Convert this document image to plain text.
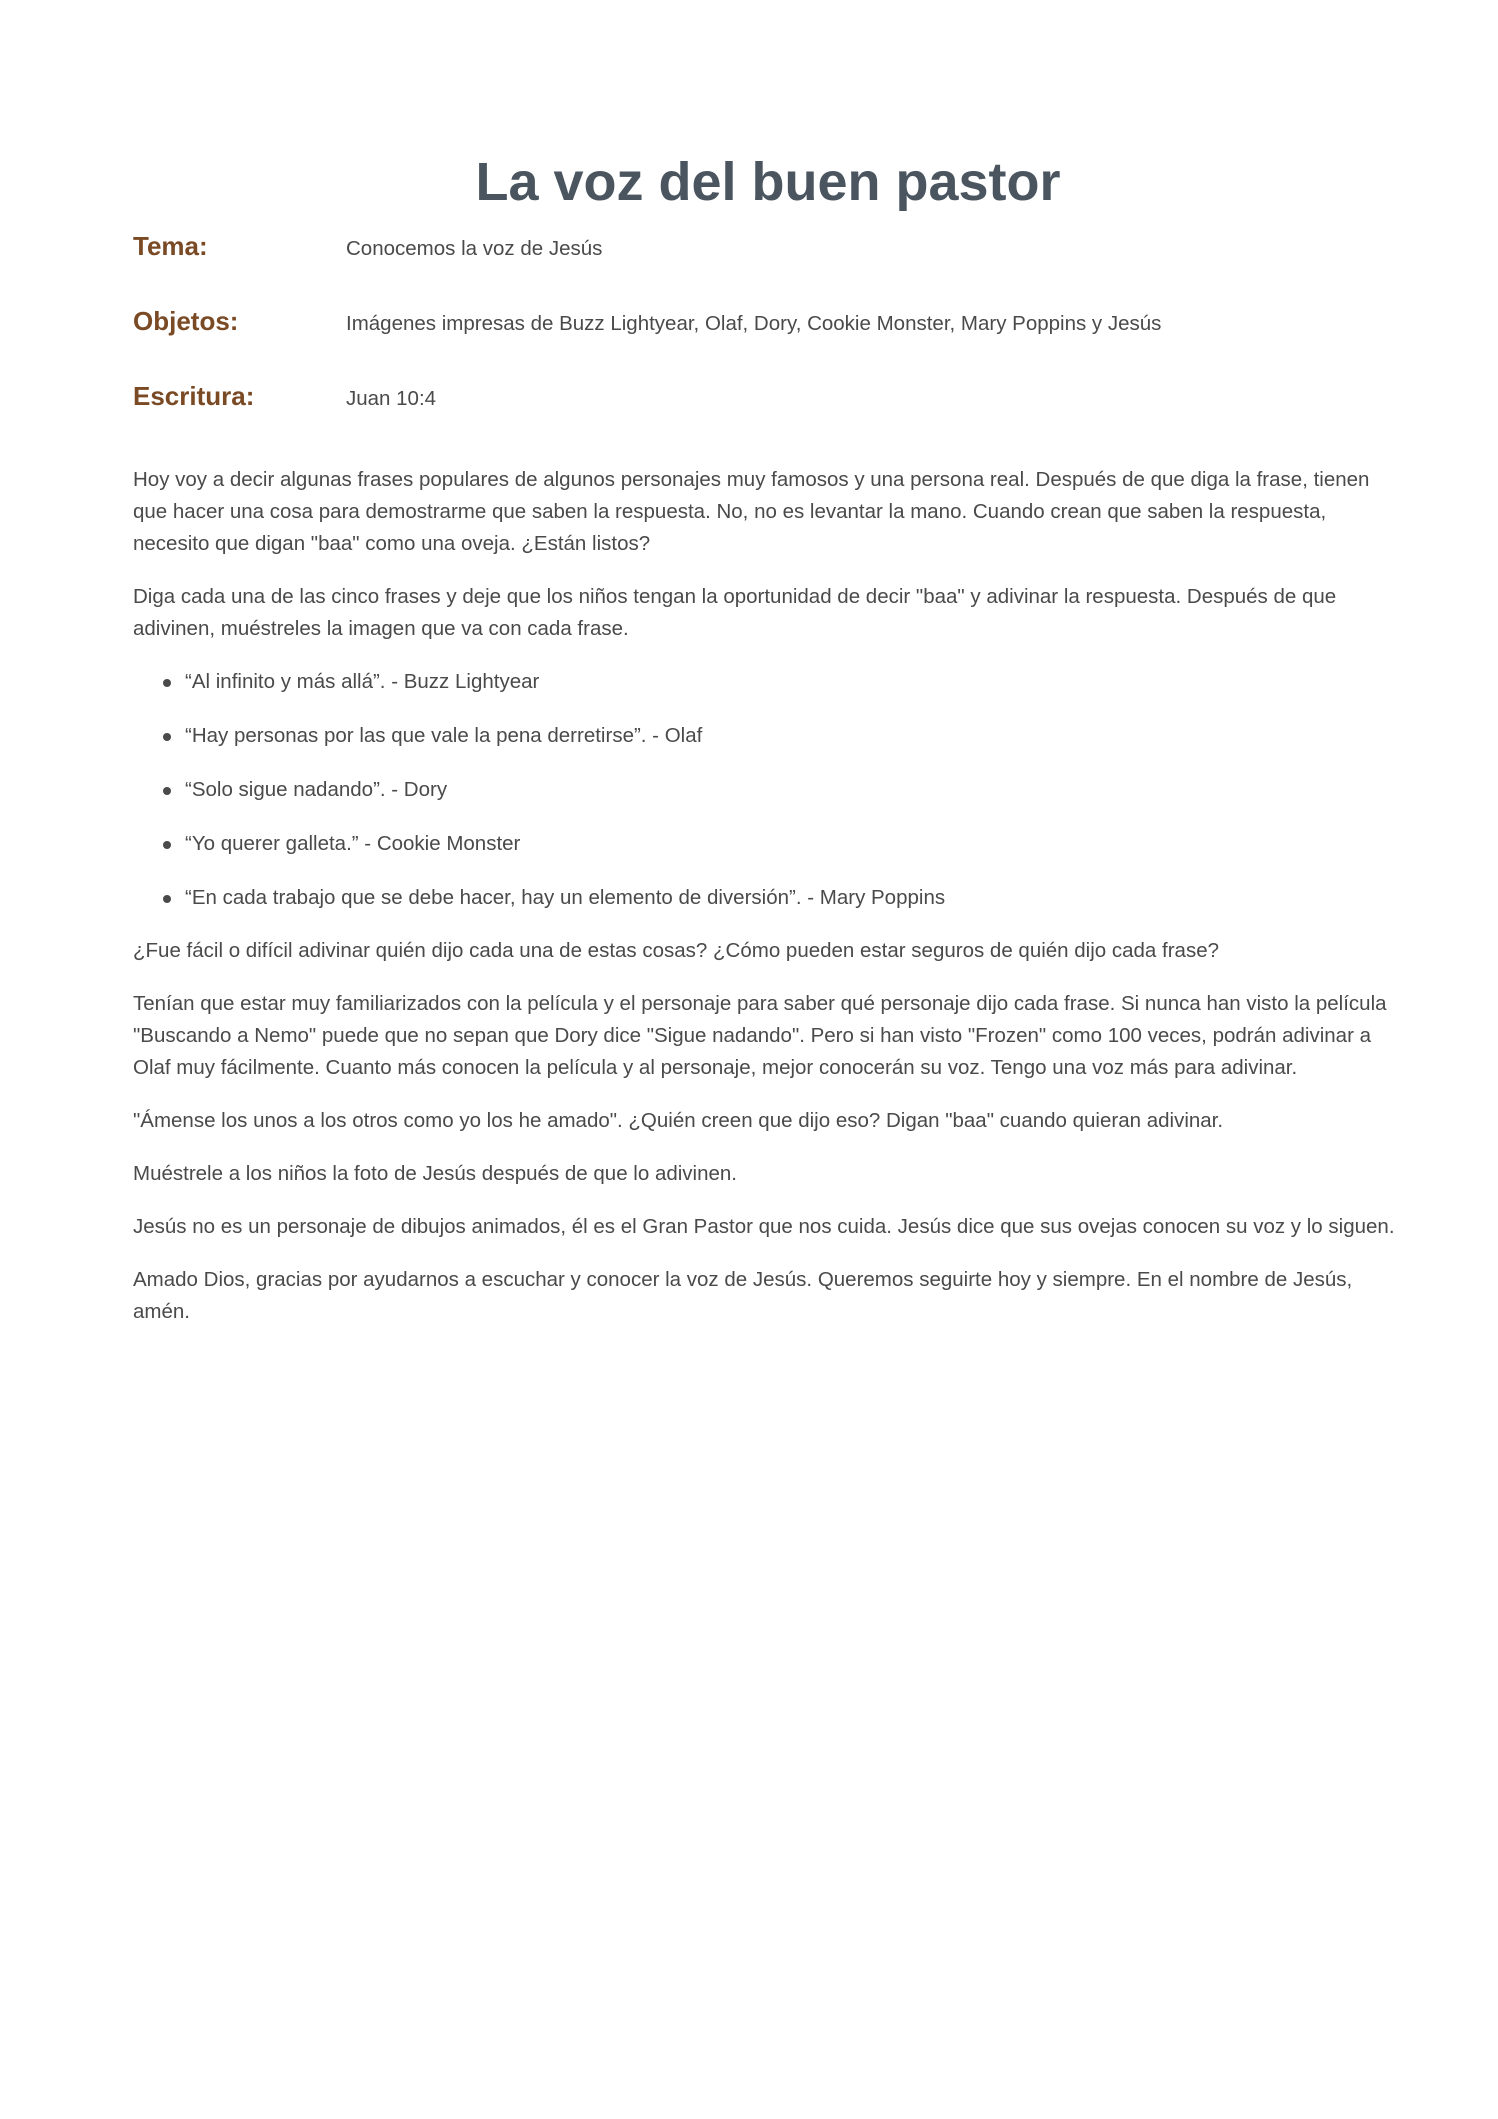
La voz del buen pastor
Tema:	Conocemos la voz de Jesús
Objetos:	Imágenes impresas de Buzz Lightyear, Olaf, Dory, Cookie Monster, Mary Poppins y Jesús
Escritura:	Juan 10:4

Hoy voy a decir algunas frases populares de algunos personajes muy famosos y una persona real. Después de que diga la frase, tienen que hacer una cosa para demostrarme que saben la respuesta. No, no es levantar la mano. Cuando crean que saben la respuesta, necesito que digan "baa" como una oveja. ¿Están listos?

Diga cada una de las cinco frases y deje que los niños tengan la oportunidad de decir "baa" y adivinar la respuesta. Después de que adivinen, muéstreles la imagen que va con cada frase.

“Al infinito y más allá”. - Buzz Lightyear
“Hay personas por las que vale la pena derretirse”. - Olaf
“Solo sigue nadando”. - Dory
“Yo querer galleta.” - Cookie Monster
“En cada trabajo que se debe hacer, hay un elemento de diversión”. - Mary Poppins

¿Fue fácil o difícil adivinar quién dijo cada una de estas cosas? ¿Cómo pueden estar seguros de quién dijo cada frase?

Tenían que estar muy familiarizados con la película y el personaje para saber qué personaje dijo cada frase. Si nunca han visto la película "Buscando a Nemo" puede que no sepan que Dory dice "Sigue nadando". Pero si han visto "Frozen" como 100 veces, podrán adivinar a Olaf muy fácilmente. Cuanto más conocen la película y al personaje, mejor conocerán su voz. Tengo una voz más para adivinar.

"Ámense los unos a los otros como yo los he amado". ¿Quién creen que dijo eso? Digan "baa" cuando quieran adivinar.

Muéstrele a los niños la foto de Jesús después de que lo adivinen.

Jesús no es un personaje de dibujos animados, él es el Gran Pastor que nos cuida. Jesús dice que sus ovejas conocen su voz y lo siguen.

Amado Dios, gracias por ayudarnos a escuchar y conocer la voz de Jesús. Queremos seguirte hoy y siempre. En el nombre de Jesús, amén.
